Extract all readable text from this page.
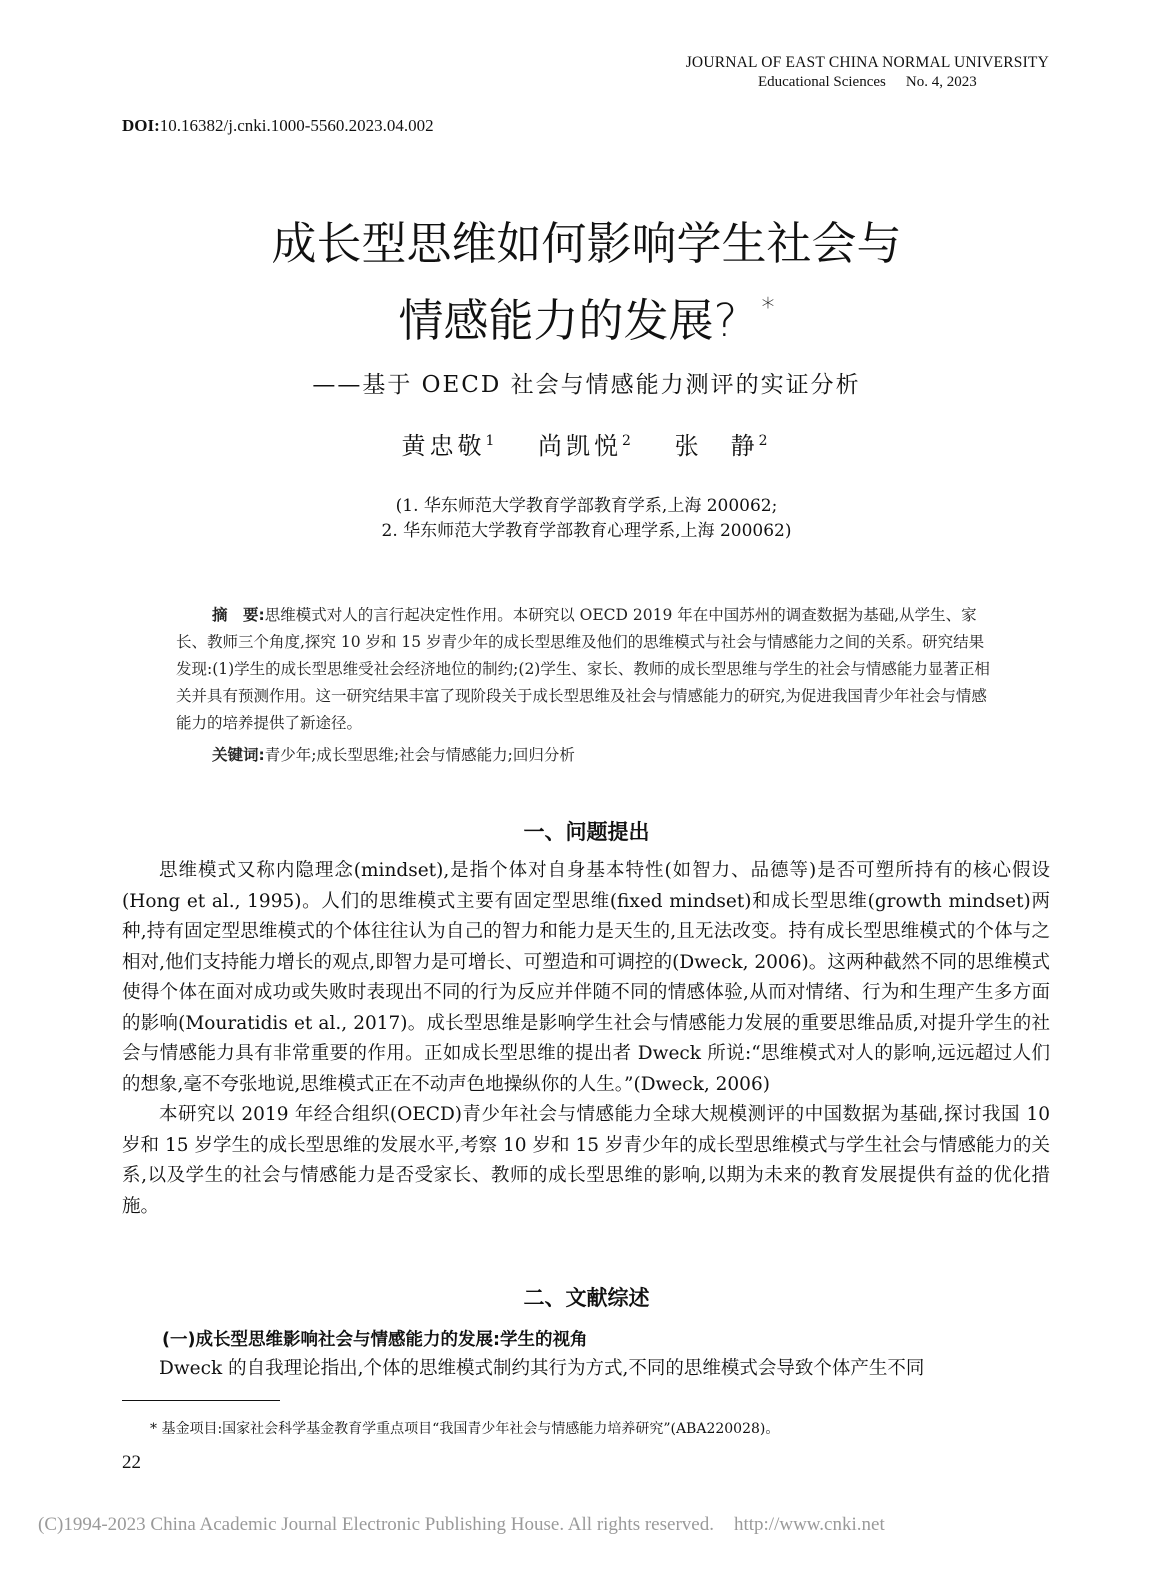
JOURNAL OF EAST CHINA NORMAL UNIVERSITY
Educational Sciences No. 4, 2023
DOI:10.16382/j.cnki.1000-5560.2023.04.002
成长型思维如何影响学生社会与
情感能力的发展? *
——基于 OECD 社会与情感能力测评的实证分析
黄忠敬$^1$ 尚凯悦$^2$ 张　静$^2$
(1. 华东师范大学教育学部教育学系,上海 200062;
2. 华东师范大学教育学部教育心理学系,上海 200062)
摘　要:思维模式对人的言行起决定性作用。本研究以 OECD 2019 年在中国苏州的调查数据为基础,从学生、家长、教师三个角度,探究 10 岁和 15 岁青少年的成长型思维及他们的思维模式与社会与情感能力之间的关系。研究结果发现:(1)学生的成长型思维受社会经济地位的制约;(2)学生、家长、教师的成长型思维与学生的社会与情感能力显著正相关并具有预测作用。这一研究结果丰富了现阶段关于成长型思维及社会与情感能力的研究,为促进我国青少年社会与情感能力的培养提供了新途径。
关键词:青少年;成长型思维;社会与情感能力;回归分析
一、问题提出

思维模式又称内隐理念(mindset),是指个体对自身基本特性(如智力、品德等)是否可塑所持有的核心假设(Hong et al., 1995)。人们的思维模式主要有固定型思维(fixed mindset)和成长型思维(growth mindset)两种,持有固定型思维模式的个体往往认为自己的智力和能力是天生的,且无法改变。持有成长型思维模式的个体与之相对,他们支持能力增长的观点,即智力是可增长、可塑造和可调控的(Dweck, 2006)。这两种截然不同的思维模式使得个体在面对成功或失败时表现出不同的行为反应并伴随不同的情感体验,从而对情绪、行为和生理产生多方面的影响(Mouratidis et al., 2017)。成长型思维是影响学生社会与情感能力发展的重要思维品质,对提升学生的社会与情感能力具有非常重要的作用。正如成长型思维的提出者 Dweck 所说:“思维模式对人的影响,远远超过人们的想象,毫不夸张地说,思维模式正在不动声色地操纵你的人生。”(Dweck, 2006)

本研究以 2019 年经合组织(OECD)青少年社会与情感能力全球大规模测评的中国数据为基础,探讨我国 10 岁和 15 岁学生的成长型思维的发展水平,考察 10 岁和 15 岁青少年的成长型思维模式与学生社会与情感能力的关系,以及学生的社会与情感能力是否受家长、教师的成长型思维的影响,以期为未来的教育发展提供有益的优化措施。

二、文献综述
(一)成长型思维影响社会与情感能力的发展:学生的视角

Dweck 的自我理论指出,个体的思维模式制约其行为方式,不同的思维模式会导致个体产生不同

* 基金项目:国家社会科学基金教育学重点项目“我国青少年社会与情感能力培养研究”(ABA220028)。
22
(C)1994-2023 China Academic Journal Electronic Publishing House. All rights reserved. http://www.cnki.net
